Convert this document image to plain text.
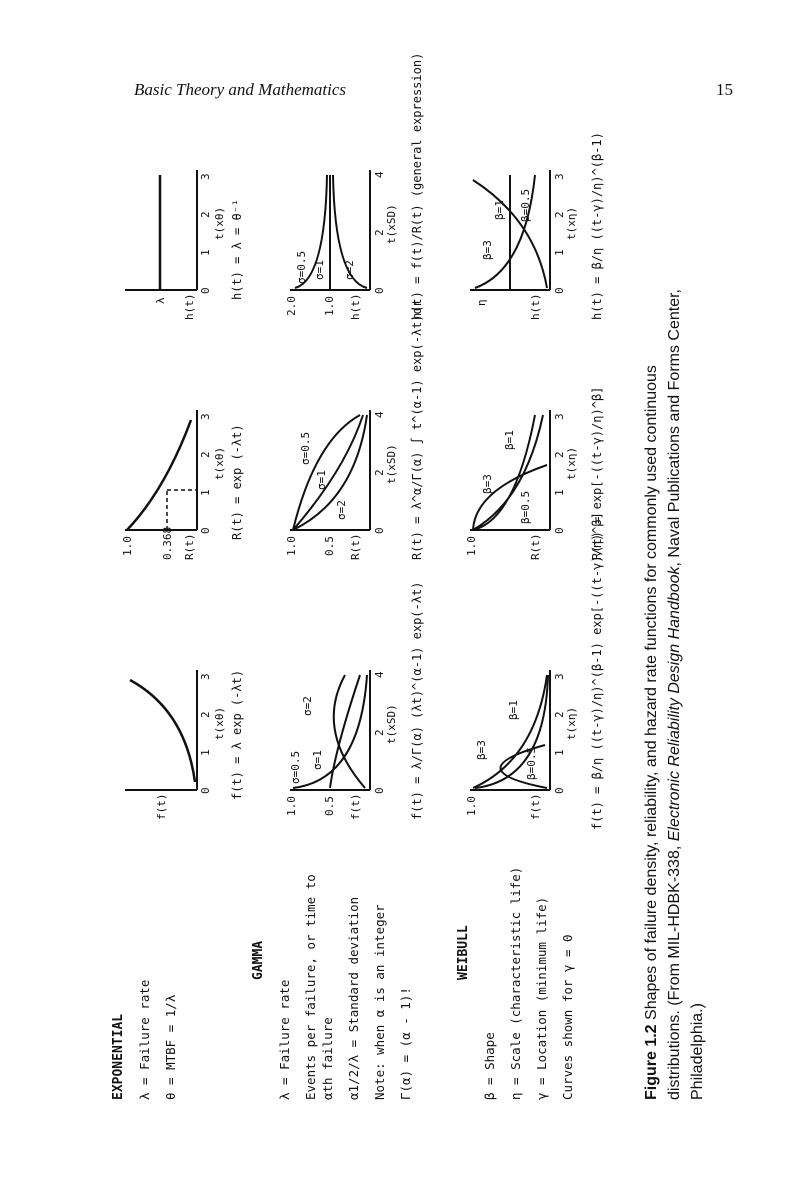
Basic Theory and Mathematics	15
EXPONENTIAL λ = Failure rate θ = MTBF = 1/λ
GAMMA
λ = Failure rate Events per failure, or time to αth failure α1/2/λ = Standard deviation Note: when α is an integer Γ(α) = (α - 1)!
WEIBULL
β = Shape η = Scale (characteristic life) γ = Location (minimum life) Curves shown for γ = 0
f(t)
0
1
2
3
t(xθ) f(t) = λ exp (-λt)
1.0 0.368 R(t)
0
1
2
3
t(xθ) R(t) = exp (-λt)
λ h(t)
0
1
2
3
t(xθ) h(t) = λ = θ⁻¹
1.0 0.5 f(t)
σ=0.5 σ=1
σ=2
0
2
4
t(xSD) f(t) = λ/Γ(α) (λt)^(α-1) exp(-λt)
1.0 0.5 R(t)
σ=2
σ=1
σ=0.5
0
2
4
t(xSD) R(t) = λ^α/Γ(α) ∫ t^(α-1) exp(-λt)dr
2.0 1.0 h(t)
σ=0.5 σ=1 σ=2
0
2
4
t(xSD) h(t) = f(t)/R(t) (general expression)
1.0	f(t)
β=3
β=1
β=0.5
0
1
2
3
t(xη) f(t) = β/η ((t-γ)/η)^(β-1) exp[-((t-γ)/η)^β]
1.0	R(t)
β=3
β=1
β=0.5
0
1
2
3
t(xη) R(t) = exp[-((t-γ)/η)^β]
η	h(t)
β=3
β=1 β=0.5
0
1
2
3
t(xη) h(t) = β/η ((t-γ)/η)^(β-1)
Figure 1.2 Shapes of failure density, reliability, and hazard rate functions for commonly used continuous distributions. (From MIL-HDBK-338, Electronic Reliability Design Handbook, Naval Publications and Forms Center, Philadelphia.)
